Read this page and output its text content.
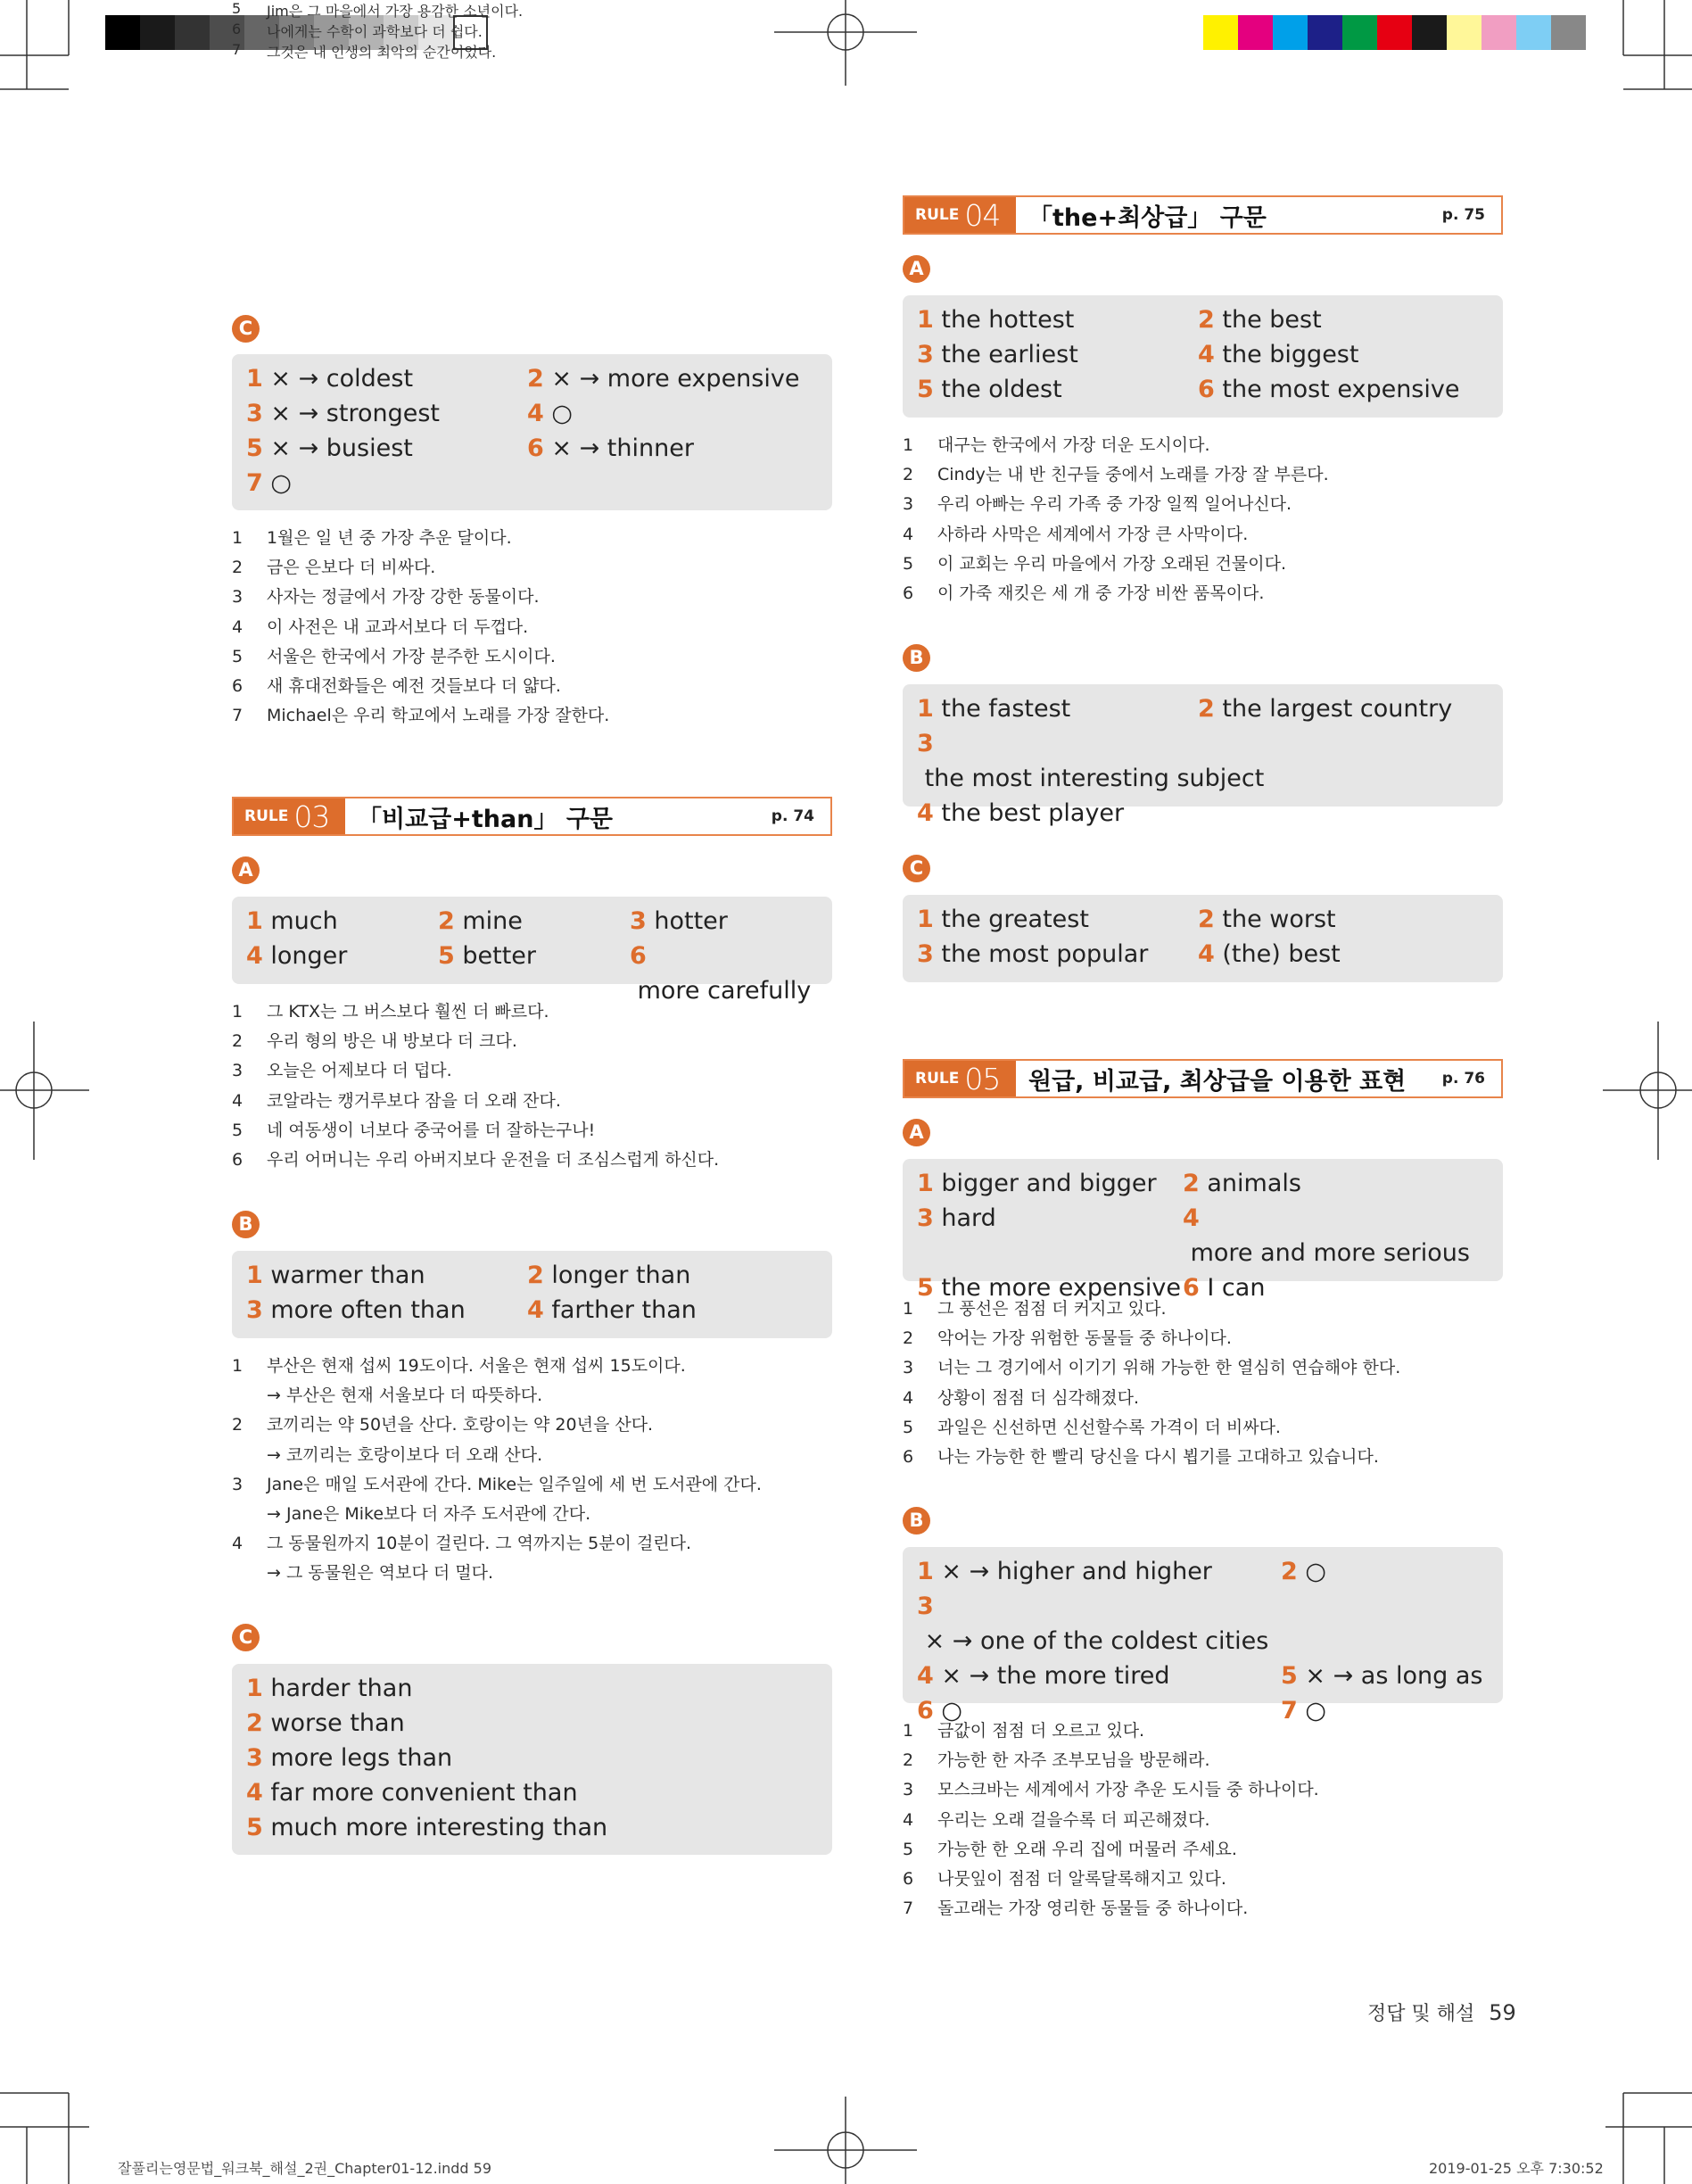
5	Jim은 그 마을에서 가장 용감한 소년이다.
6	나에게는 수학이 과학보다 더 쉽다.
7	그것은 내 인생의 최악의 순간이었다.
C
1 × → coldest	2 × → more expensive
3 × → strongest	4 ○
5 × → busiest	6 × → thinner
7 ○
1	1월은 일 년 중 가장 추운 달이다.
2	금은 은보다 더 비싸다.
3	사자는 정글에서 가장 강한 동물이다.
4	이 사전은 내 교과서보다 더 두껍다.
5	서울은 한국에서 가장 분주한 도시이다.
6	새 휴대전화들은 예전 것들보다 더 얇다.
7	Michael은 우리 학교에서 노래를 가장 잘한다.
RULE 03 「비교급+than」 구문	p. 74
A
1 much	2 mine	3 hotter
4 longer	5 better	6 more carefully
1	그 KTX는 그 버스보다 훨씬 더 빠르다.
2	우리 형의 방은 내 방보다 더 크다.
3	오늘은 어제보다 더 덥다.
4	코알라는 캥거루보다 잠을 더 오래 잔다.
5	네 여동생이 너보다 중국어를 더 잘하는구나!
6	우리 어머니는 우리 아버지보다 운전을 더 조심스럽게 하신다.
B
1 warmer than	2 longer than
3 more often than	4 farther than
1	부산은 현재 섭씨 19도이다. 서울은 현재 섭씨 15도이다.
→ 부산은 현재 서울보다 더 따뜻하다.
2	코끼리는 약 50년을 산다. 호랑이는 약 20년을 산다.
→ 코끼리는 호랑이보다 더 오래 산다.
3	Jane은 매일 도서관에 간다. Mike는 일주일에 세 번 도서관에 간다.
→ Jane은 Mike보다 더 자주 도서관에 간다.
4	그 동물원까지 10분이 걸린다. 그 역까지는 5분이 걸린다.
→ 그 동물원은 역보다 더 멀다.
C
1 harder than
2 worse than
3 more legs than
4 far more convenient than
5 much more interesting than
RULE 04 「the+최상급」 구문	p. 75
A
1 the hottest	2 the best
3 the earliest	4 the biggest
5 the oldest	6 the most expensive
1	대구는 한국에서 가장 더운 도시이다.
2	Cindy는 내 반 친구들 중에서 노래를 가장 잘 부른다.
3	우리 아빠는 우리 가족 중 가장 일찍 일어나신다.
4	사하라 사막은 세계에서 가장 큰 사막이다.
5	이 교회는 우리 마을에서 가장 오래된 건물이다.
6	이 가죽 재킷은 세 개 중 가장 비싼 품목이다.
B
1 the fastest	2 the largest country
3 the most interesting subject
4 the best player
C
1 the greatest	2 the worst
3 the most popular	4 (the) best
RULE 05 원급, 비교급, 최상급을 이용한 표현	p. 76
A
1 bigger and bigger	2 animals
3 hard	4 more and more serious
5 the more expensive 6 I can
1	그 풍선은 점점 더 커지고 있다.
2	악어는 가장 위험한 동물들 중 하나이다.
3	너는 그 경기에서 이기기 위해 가능한 한 열심히 연습해야 한다.
4	상황이 점점 더 심각해졌다.
5	과일은 신선하면 신선할수록 가격이 더 비싸다.
6	나는 가능한 한 빨리 당신을 다시 뵙기를 고대하고 있습니다.
B
1 × → higher and higher	2 ○
3 × → one of the coldest cities
4 × → the more tired	5 × → as long as
6 ○	7 ○
1	금값이 점점 더 오르고 있다.
2	가능한 한 자주 조부모님을 방문해라.
3	모스크바는 세계에서 가장 추운 도시들 중 하나이다.
4	우리는 오래 걸을수록 더 피곤해졌다.
5	가능한 한 오래 우리 집에 머물러 주세요.
6	나뭇잎이 점점 더 알록달록해지고 있다.
7	돌고래는 가장 영리한 동물들 중 하나이다.
정답 및 해설 59
잘풀리는영문법_워크북_해설_2권_Chapter01-12.indd 59	2019-01-25 오후 7:30:52
